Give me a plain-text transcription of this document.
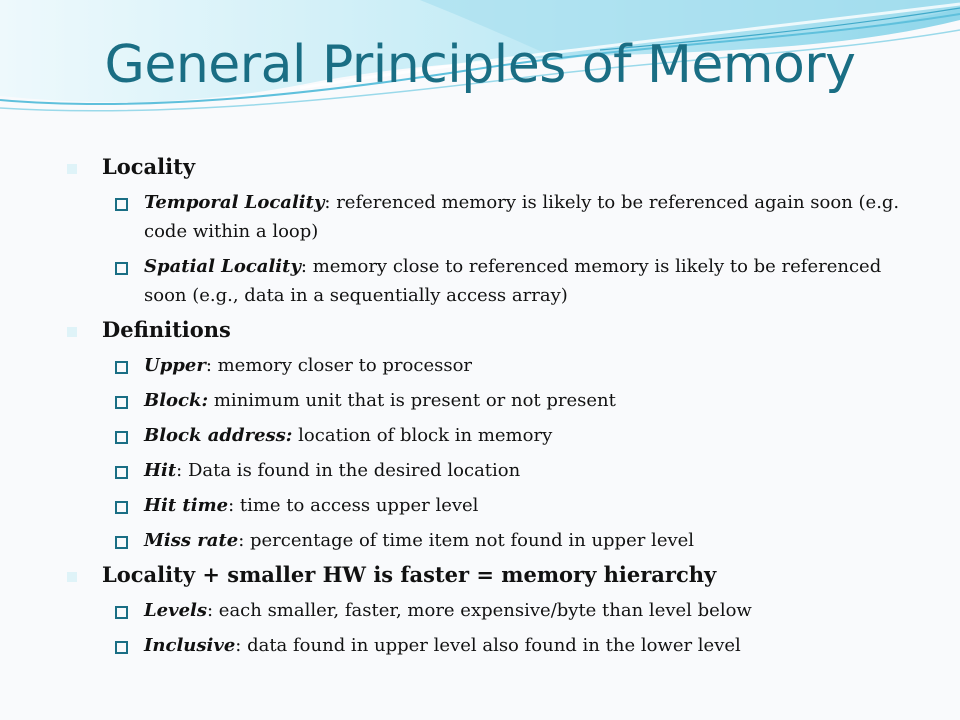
General Principles of Memory
Locality
Temporal Locality: referenced memory is likely to be referenced again soon (e.g. code within a loop)
Spatial Locality: memory close to referenced memory is likely to be referenced soon (e.g., data in a sequentially access array)
Definitions
Upper: memory closer to processor
Block: minimum unit that is present or not present
Block address: location of block in memory
Hit: Data is found in the desired location
Hit time: time to access upper level
Miss rate: percentage of time item not found in upper level
Locality + smaller HW is faster = memory hierarchy
Levels: each smaller, faster, more expensive/byte than level below
Inclusive: data found in upper level also found in the lower level
